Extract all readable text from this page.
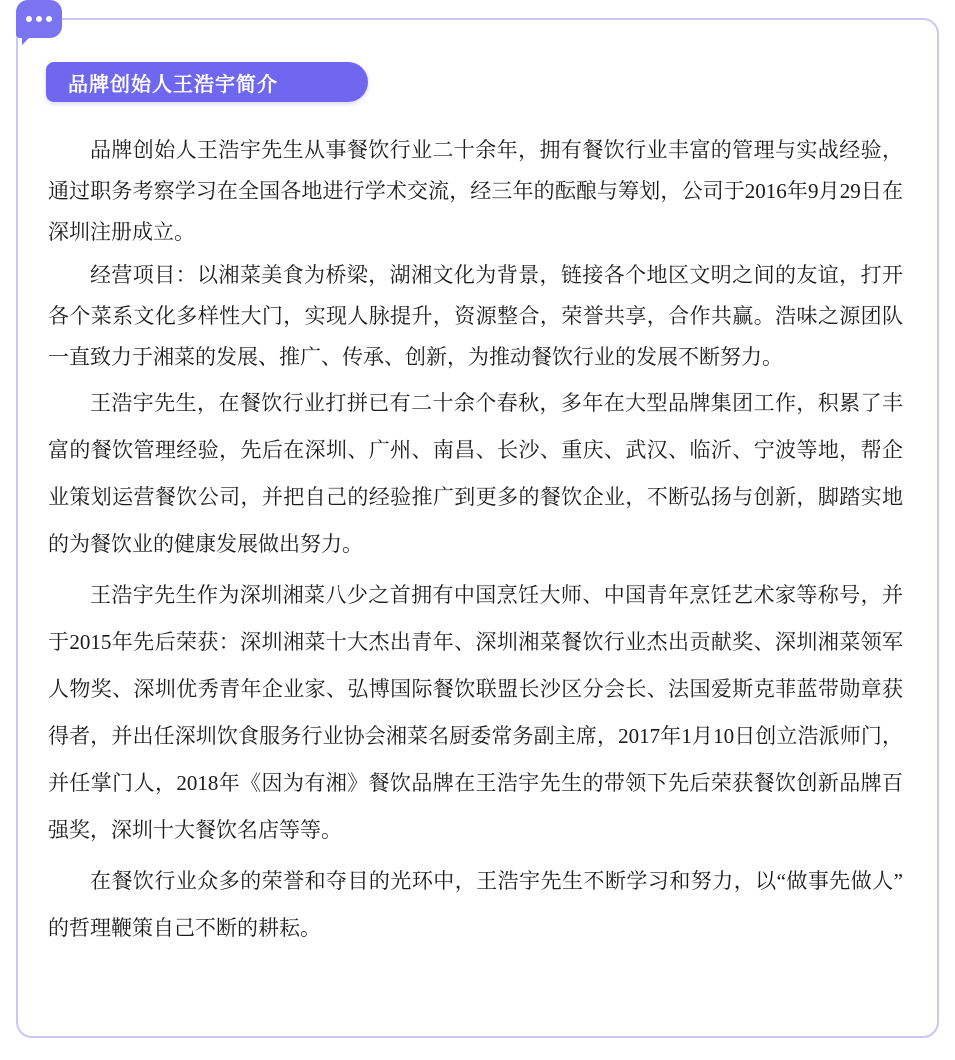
品牌创始人王浩宇简介

品牌创始人王浩宇先生从事餐饮行业二十余年，拥有餐饮行业丰富的管理与实战经验，通过职务考察学习在全国各地进行学术交流，经三年的酝酿与筹划，公司于2016年9月29日在深圳注册成立。

经营项目：以湘菜美食为桥梁，湖湘文化为背景，链接各个地区文明之间的友谊，打开各个菜系文化多样性大门，实现人脉提升，资源整合，荣誉共享，合作共赢。浩味之源团队一直致力于湘菜的发展、推广、传承、创新，为推动餐饮行业的发展不断努力。

王浩宇先生，在餐饮行业打拼已有二十余个春秋，多年在大型品牌集团工作，积累了丰富的餐饮管理经验，先后在深圳、广州、南昌、长沙、重庆、武汉、临沂、宁波等地，帮企业策划运营餐饮公司，并把自己的经验推广到更多的餐饮企业，不断弘扬与创新，脚踏实地的为餐饮业的健康发展做出努力。

王浩宇先生作为深圳湘菜八少之首拥有中国烹饪大师、中国青年烹饪艺术家等称号，并于2015年先后荣获：深圳湘菜十大杰出青年、深圳湘菜餐饮行业杰出贡献奖、深圳湘菜领军人物奖、深圳优秀青年企业家、弘博国际餐饮联盟长沙区分会长、法国爱斯克菲蓝带勋章获得者，并出任深圳饮食服务行业协会湘菜名厨委常务副主席，2017年1月10日创立浩派师门，并任掌门人，2018年《因为有湘》餐饮品牌在王浩宇先生的带领下先后荣获餐饮创新品牌百强奖，深圳十大餐饮名店等等。

在餐饮行业众多的荣誉和夺目的光环中，王浩宇先生不断学习和努力，以“做事先做人”的哲理鞭策自己不断的耕耘。
